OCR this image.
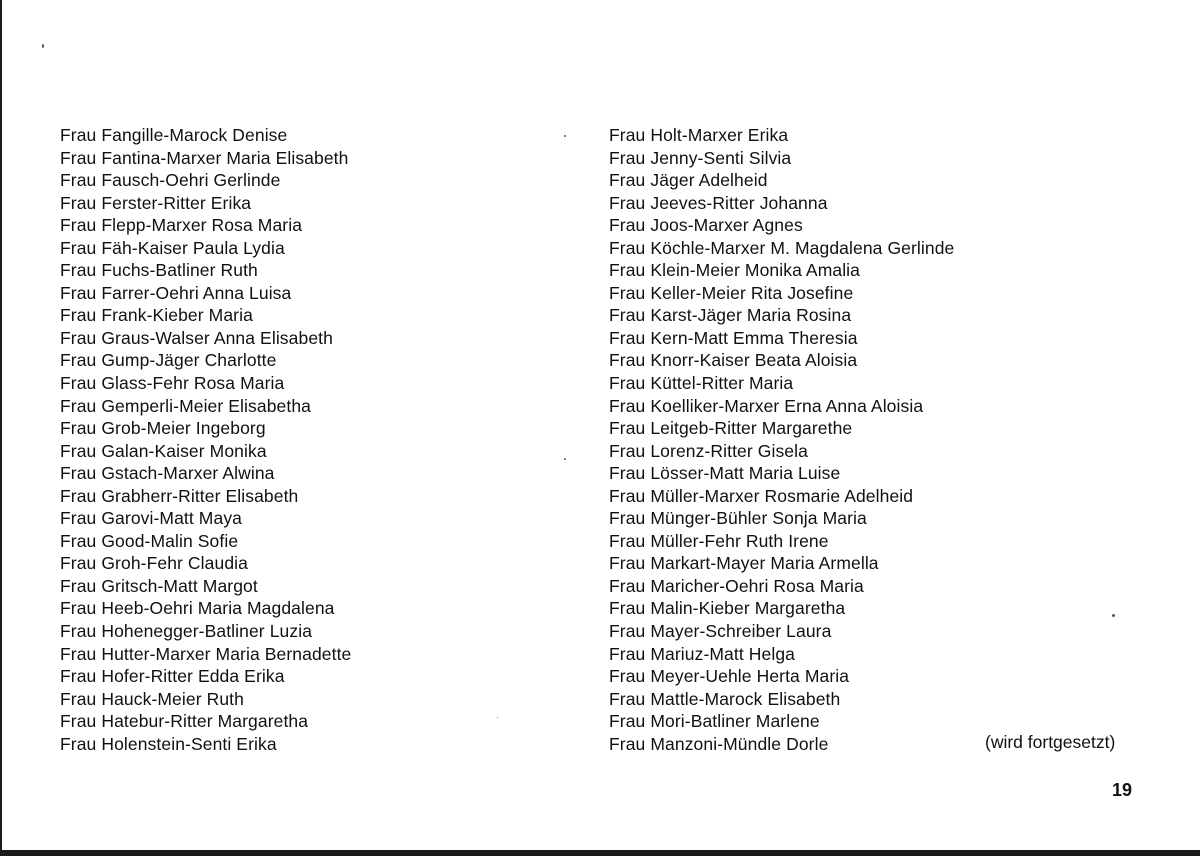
Frau Fangille-Marock Denise
Frau Fantina-Marxer Maria Elisabeth
Frau Fausch-Oehri Gerlinde
Frau Ferster-Ritter Erika
Frau Flepp-Marxer Rosa Maria
Frau Fäh-Kaiser Paula Lydia
Frau Fuchs-Batliner Ruth
Frau Farrer-Oehri Anna Luisa
Frau Frank-Kieber Maria
Frau Graus-Walser Anna Elisabeth
Frau Gump-Jäger Charlotte
Frau Glass-Fehr Rosa Maria
Frau Gemperli-Meier Elisabetha
Frau Grob-Meier Ingeborg
Frau Galan-Kaiser Monika
Frau Gstach-Marxer Alwina
Frau Grabherr-Ritter Elisabeth
Frau Garovi-Matt Maya
Frau Good-Malin Sofie
Frau Groh-Fehr Claudia
Frau Gritsch-Matt Margot
Frau Heeb-Oehri Maria Magdalena
Frau Hohenegger-Batliner Luzia
Frau Hutter-Marxer Maria Bernadette
Frau Hofer-Ritter Edda Erika
Frau Hauck-Meier Ruth
Frau Hatebur-Ritter Margaretha
Frau Holenstein-Senti Erika
Frau Holt-Marxer Erika
Frau Jenny-Senti Silvia
Frau Jäger Adelheid
Frau Jeeves-Ritter Johanna
Frau Joos-Marxer Agnes
Frau Köchle-Marxer M. Magdalena Gerlinde
Frau Klein-Meier Monika Amalia
Frau Keller-Meier Rita Josefine
Frau Karst-Jäger Maria Rosina
Frau Kern-Matt Emma Theresia
Frau Knorr-Kaiser Beata Aloisia
Frau Küttel-Ritter Maria
Frau Koelliker-Marxer Erna Anna Aloisia
Frau Leitgeb-Ritter Margarethe
Frau Lorenz-Ritter Gisela
Frau Lösser-Matt Maria Luise
Frau Müller-Marxer Rosmarie Adelheid
Frau Münger-Bühler Sonja Maria
Frau Müller-Fehr Ruth Irene
Frau Markart-Mayer Maria Armella
Frau Maricher-Oehri Rosa Maria
Frau Malin-Kieber Margaretha
Frau Mayer-Schreiber Laura
Frau Mariuz-Matt Helga
Frau Meyer-Uehle Herta Maria
Frau Mattle-Marock Elisabeth
Frau Mori-Batliner Marlene
Frau Manzoni-Mündle Dorle	(wird fortgesetzt)
19
